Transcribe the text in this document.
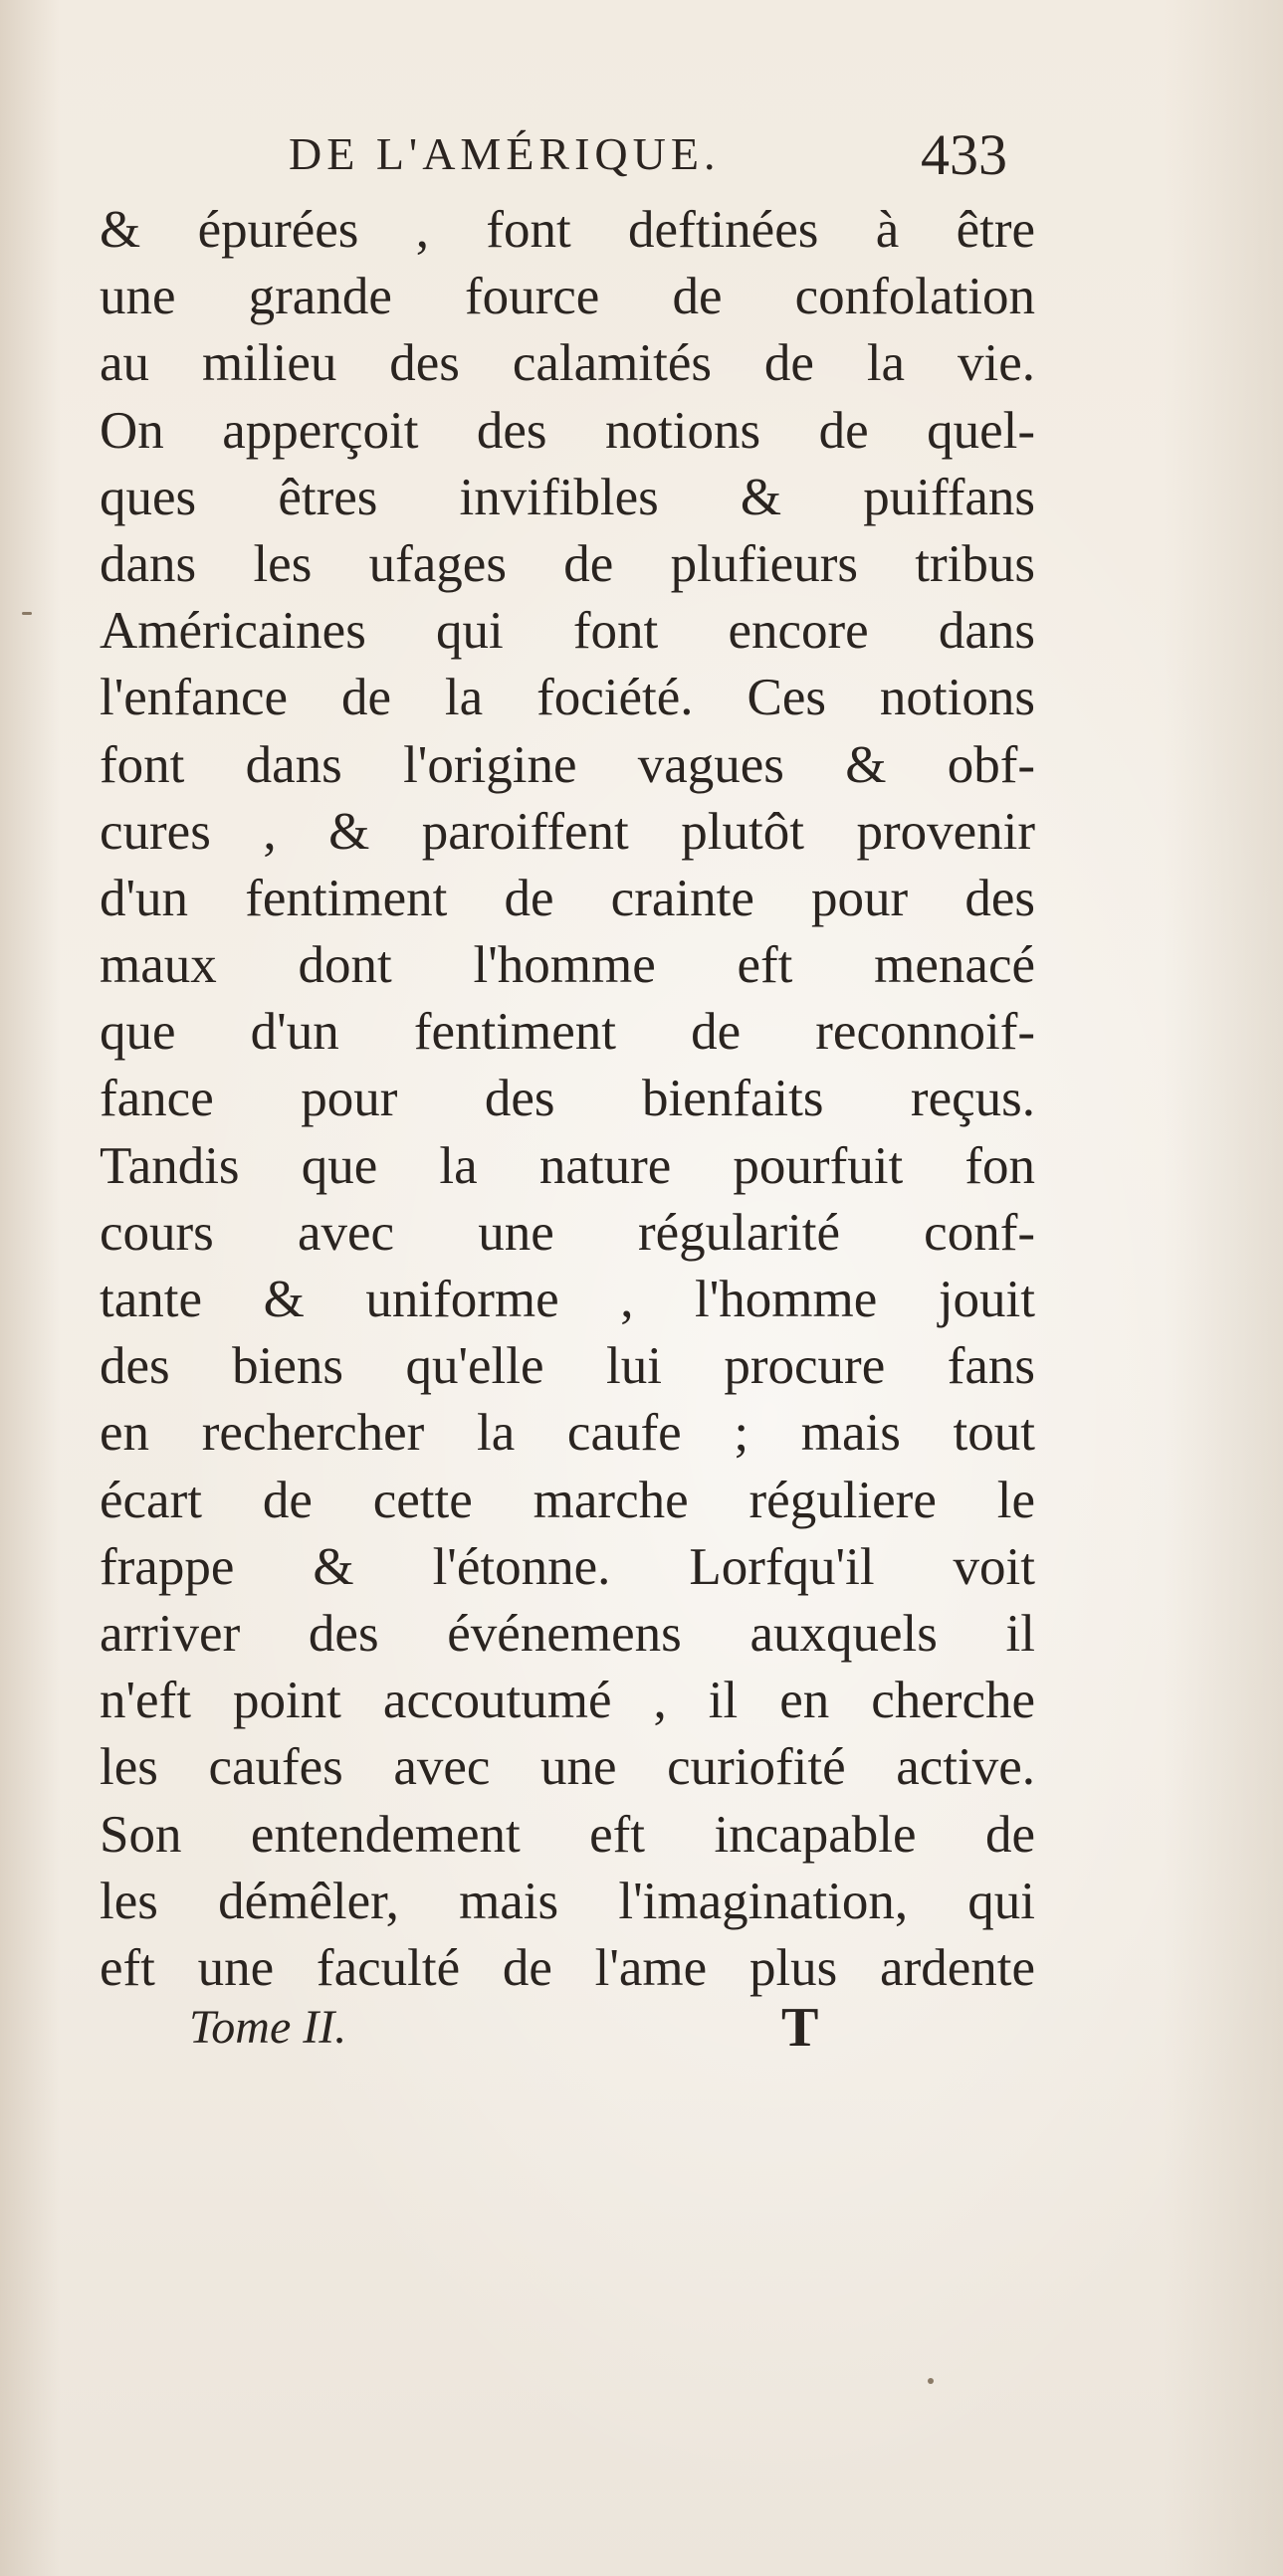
DE L'AMÉRIQUE.	433
& épurées , font deftinées à être
une grande fource de confolation
au milieu des calamités de la vie.
On apperçoit des notions de quel-
ques êtres invifibles & puiffans
dans les ufages de plufieurs tribus
Américaines qui font encore dans
l'enfance de la fociété. Ces notions
font dans l'origine vagues & obf-
cures , & paroiffent plutôt provenir
d'un fentiment de crainte pour des
maux dont l'homme eft menacé
que d'un fentiment de reconnoif-
fance pour des bienfaits reçus.
Tandis que la nature pourfuit fon
cours avec une régularité conf-
tante & uniforme , l'homme jouit
des biens qu'elle lui procure fans
en rechercher la caufe ; mais tout
écart de cette marche réguliere le
frappe & l'étonne. Lorfqu'il voit
arriver des événemens auxquels il
n'eft point accoutumé , il en cherche
les caufes avec une curiofité active.
Son entendement eft incapable de
les démêler, mais l'imagination, qui
eft une faculté de l'ame plus ardente
Tome II.	T
